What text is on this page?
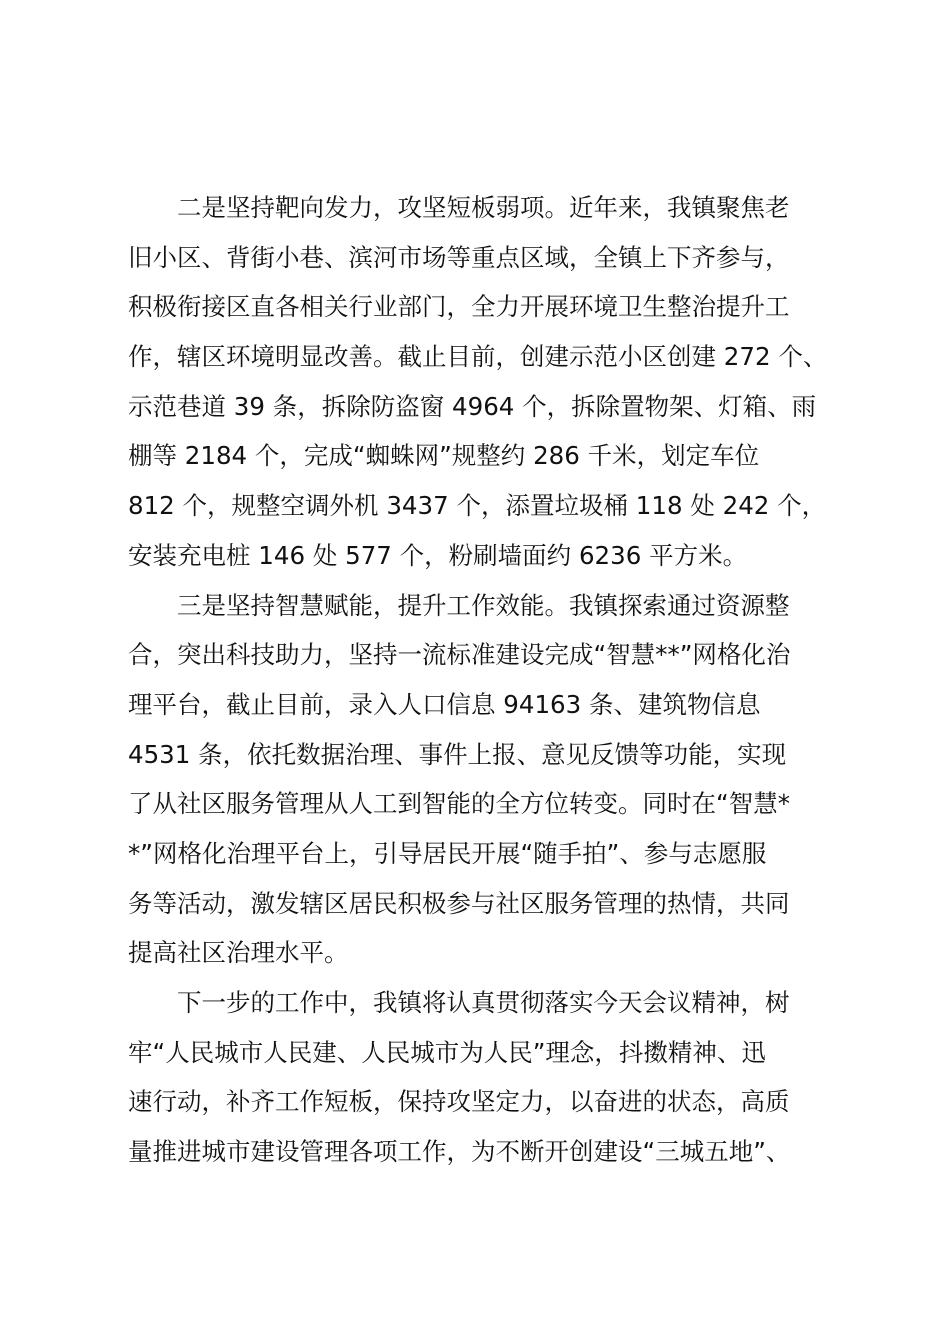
二是坚持靶向发力，攻坚短板弱项。近年来，我镇聚焦老
旧小区、背街小巷、滨河市场等重点区域，全镇上下齐参与，
积极衔接区直各相关行业部门，全力开展环境卫生整治提升工
作，辖区环境明显改善。截止目前，创建示范小区创建 272 个、
示范巷道 39 条，拆除防盗窗 4964 个，拆除置物架、灯箱、雨
棚等 2184 个，完成“蜘蛛网”规整约 286 千米，划定车位
812 个，规整空调外机 3437 个，添置垃圾桶 118 处 242 个，
安装充电桩 146 处 577 个，粉刷墙面约 6236 平方米。
三是坚持智慧赋能，提升工作效能。我镇探索通过资源整
合，突出科技助力，坚持一流标准建设完成“智慧**”网格化治
理平台，截止目前，录入人口信息 94163 条、建筑物信息
4531 条，依托数据治理、事件上报、意见反馈等功能，实现
了从社区服务管理从人工到智能的全方位转变。同时在“智慧*
*”网格化治理平台上，引导居民开展“随手拍”、参与志愿服
务等活动，激发辖区居民积极参与社区服务管理的热情，共同
提高社区治理水平。
下一步的工作中，我镇将认真贯彻落实今天会议精神，树
牢“人民城市人民建、人民城市为人民”理念，抖擞精神、迅
速行动，补齐工作短板，保持攻坚定力，以奋进的状态，高质
量推进城市建设管理各项工作，为不断开创建设“三城五地”、
